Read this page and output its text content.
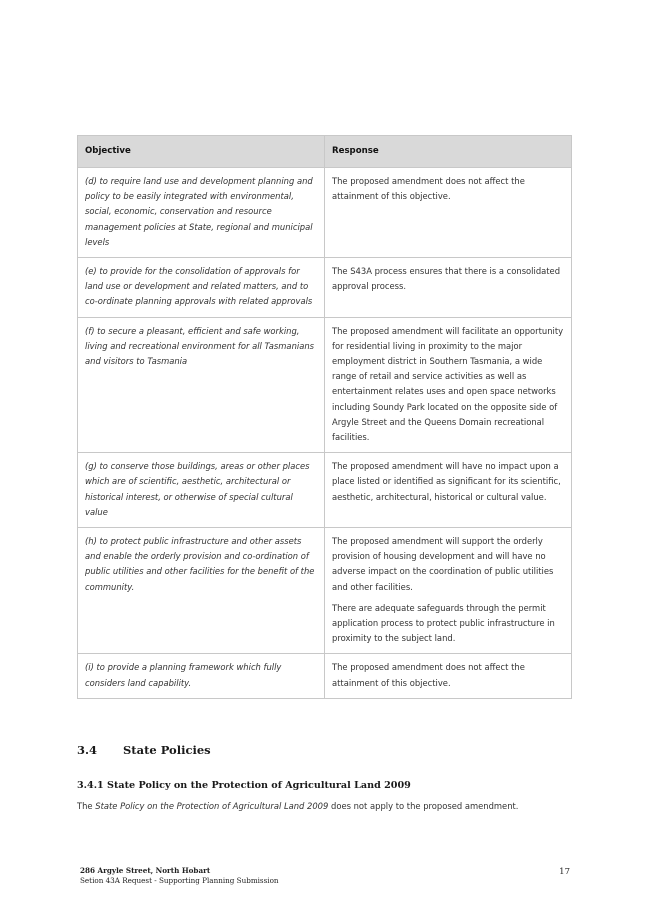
Objective	Response
(d) to require land use and development planning and policy to be easily integrated with environmental, social, economic, conservation and resource management policies at State, regional and municipal levels	The proposed amendment does not affect the attainment of this objective.

(e) to provide for the consolidation of approvals for land use or development and related matters, and to co-ordinate planning approvals with related approvals	The S43A process ensures that there is a consolidated approval process.

(f) to secure a pleasant, efficient and safe working, living and recreational environment for all Tasmanians and visitors to Tasmania	The proposed amendment will facilitate an opportunity for residential living in proximity to the major employment district in Southern Tasmania, a wide range of retail and service activities as well as entertainment relates uses and open space networks including Soundy Park located on the opposite side of Argyle Street and the Queens Domain recreational facilities.

(g) to conserve those buildings, areas or other places which are of scientific, aesthetic, architectural or historical interest, or otherwise of special cultural value	The proposed amendment will have no impact upon a place listed or identified as significant for its scientific, aesthetic, architectural, historical or cultural value.

(h) to protect public infrastructure and other assets and enable the orderly provision and co-ordination of public utilities and other facilities for the benefit of the community.	The proposed amendment will support the orderly provision of housing development and will have no adverse impact on the coordination of public utilities and other facilities.

There are adequate safeguards through the permit application process to protect public infrastructure in proximity to the subject land.

(i) to provide a planning framework which fully considers land capability.	The proposed amendment does not affect the attainment of this objective.

3.4 State Policies
3.4.1 State Policy on the Protection of Agricultural Land 2009
The State Policy on the Protection of Agricultural Land 2009 does not apply to the proposed amendment.
286 Argyle Street, North Hobart
Setion 43A Request - Supporting Planning Submission
17
